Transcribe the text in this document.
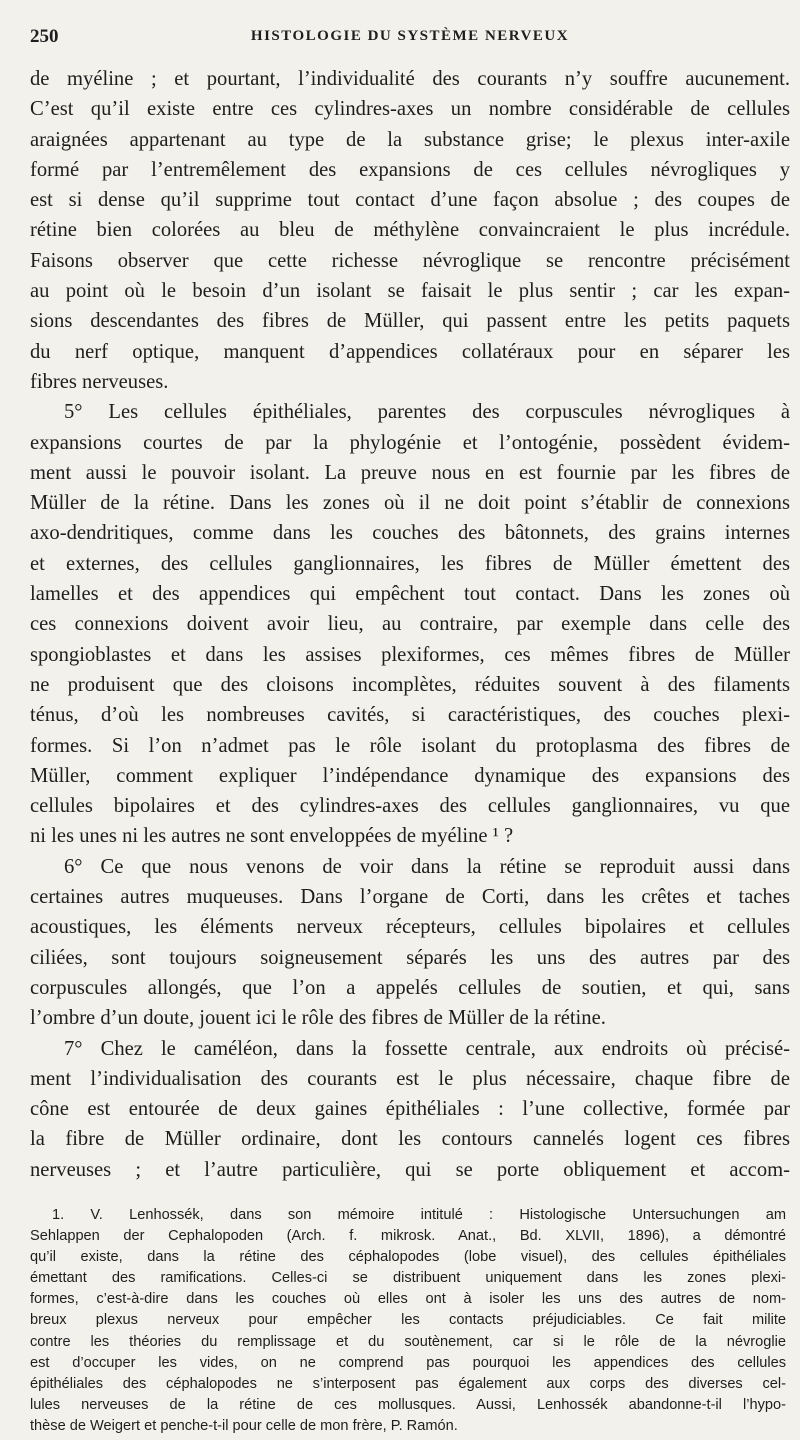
250	HISTOLOGIE DU SYSTÈME NERVEUX
de myéline ; et pourtant, l’individualité des courants n’y souffre aucunement.
C’est qu’il existe entre ces cylindres-axes un nombre considérable de cellules
araignées appartenant au type de la substance grise; le plexus inter-axile
formé par l’entremêlement des expansions de ces cellules névrogliques y
est si dense qu’il supprime tout contact d’une façon absolue ; des coupes de
rétine bien colorées au bleu de méthylène convaincraient le plus incrédule.
Faisons observer que cette richesse névroglique se rencontre précisément
au point où le besoin d’un isolant se faisait le plus sentir ; car les expan-
sions descendantes des fibres de Müller, qui passent entre les petits paquets
du nerf optique, manquent d’appendices collatéraux pour en séparer les
fibres nerveuses.
5° Les cellules épithéliales, parentes des corpuscules névrogliques à
expansions courtes de par la phylogénie et l’ontogénie, possèdent évidem-
ment aussi le pouvoir isolant. La preuve nous en est fournie par les fibres de
Müller de la rétine. Dans les zones où il ne doit point s’établir de connexions
axo-dendritiques, comme dans les couches des bâtonnets, des grains internes
et externes, des cellules ganglionnaires, les fibres de Müller émettent des
lamelles et des appendices qui empêchent tout contact. Dans les zones où
ces connexions doivent avoir lieu, au contraire, par exemple dans celle des
spongioblastes et dans les assises plexiformes, ces mêmes fibres de Müller
ne produisent que des cloisons incomplètes, réduites souvent à des filaments
ténus, d’où les nombreuses cavités, si caractéristiques, des couches plexi-
formes. Si l’on n’admet pas le rôle isolant du protoplasma des fibres de
Müller, comment expliquer l’indépendance dynamique des expansions des
cellules bipolaires et des cylindres-axes des cellules ganglionnaires, vu que
ni les unes ni les autres ne sont enveloppées de myéline ¹ ?
6° Ce que nous venons de voir dans la rétine se reproduit aussi dans
certaines autres muqueuses. Dans l’organe de Corti, dans les crêtes et taches
acoustiques, les éléments nerveux récepteurs, cellules bipolaires et cellules
ciliées, sont toujours soigneusement séparés les uns des autres par des
corpuscules allongés, que l’on a appelés cellules de soutien, et qui, sans
l’ombre d’un doute, jouent ici le rôle des fibres de Müller de la rétine.
7° Chez le caméléon, dans la fossette centrale, aux endroits où précisé-
ment l’individualisation des courants est le plus nécessaire, chaque fibre de
cône est entourée de deux gaines épithéliales : l’une collective, formée par
la fibre de Müller ordinaire, dont les contours cannelés logent ces fibres
nerveuses ; et l’autre particulière, qui se porte obliquement et accom-
1. V. Lenhossék, dans son mémoire intitulé : Histologische Untersuchungen am
Sehlappen der Cephalopoden (Arch. f. mikrosk. Anat., Bd. XLVII, 1896), a démontré
qu’il existe, dans la rétine des céphalopodes (lobe visuel), des cellules épithéliales
émettant des ramifications. Celles-ci se distribuent uniquement dans les zones plexi-
formes, c’est-à-dire dans les couches où elles ont à isoler les uns des autres de nom-
breux plexus nerveux pour empêcher les contacts préjudiciables. Ce fait milite
contre les théories du remplissage et du soutènement, car si le rôle de la névroglie
est d’occuper les vides, on ne comprend pas pourquoi les appendices des cellules
épithéliales des céphalopodes ne s’interposent pas également aux corps des diverses cel-
lules nerveuses de la rétine de ces mollusques. Aussi, Lenhossék abandonne-t-il l’hypo-
thèse de Weigert et penche-t-il pour celle de mon frère, P. Ramón.
